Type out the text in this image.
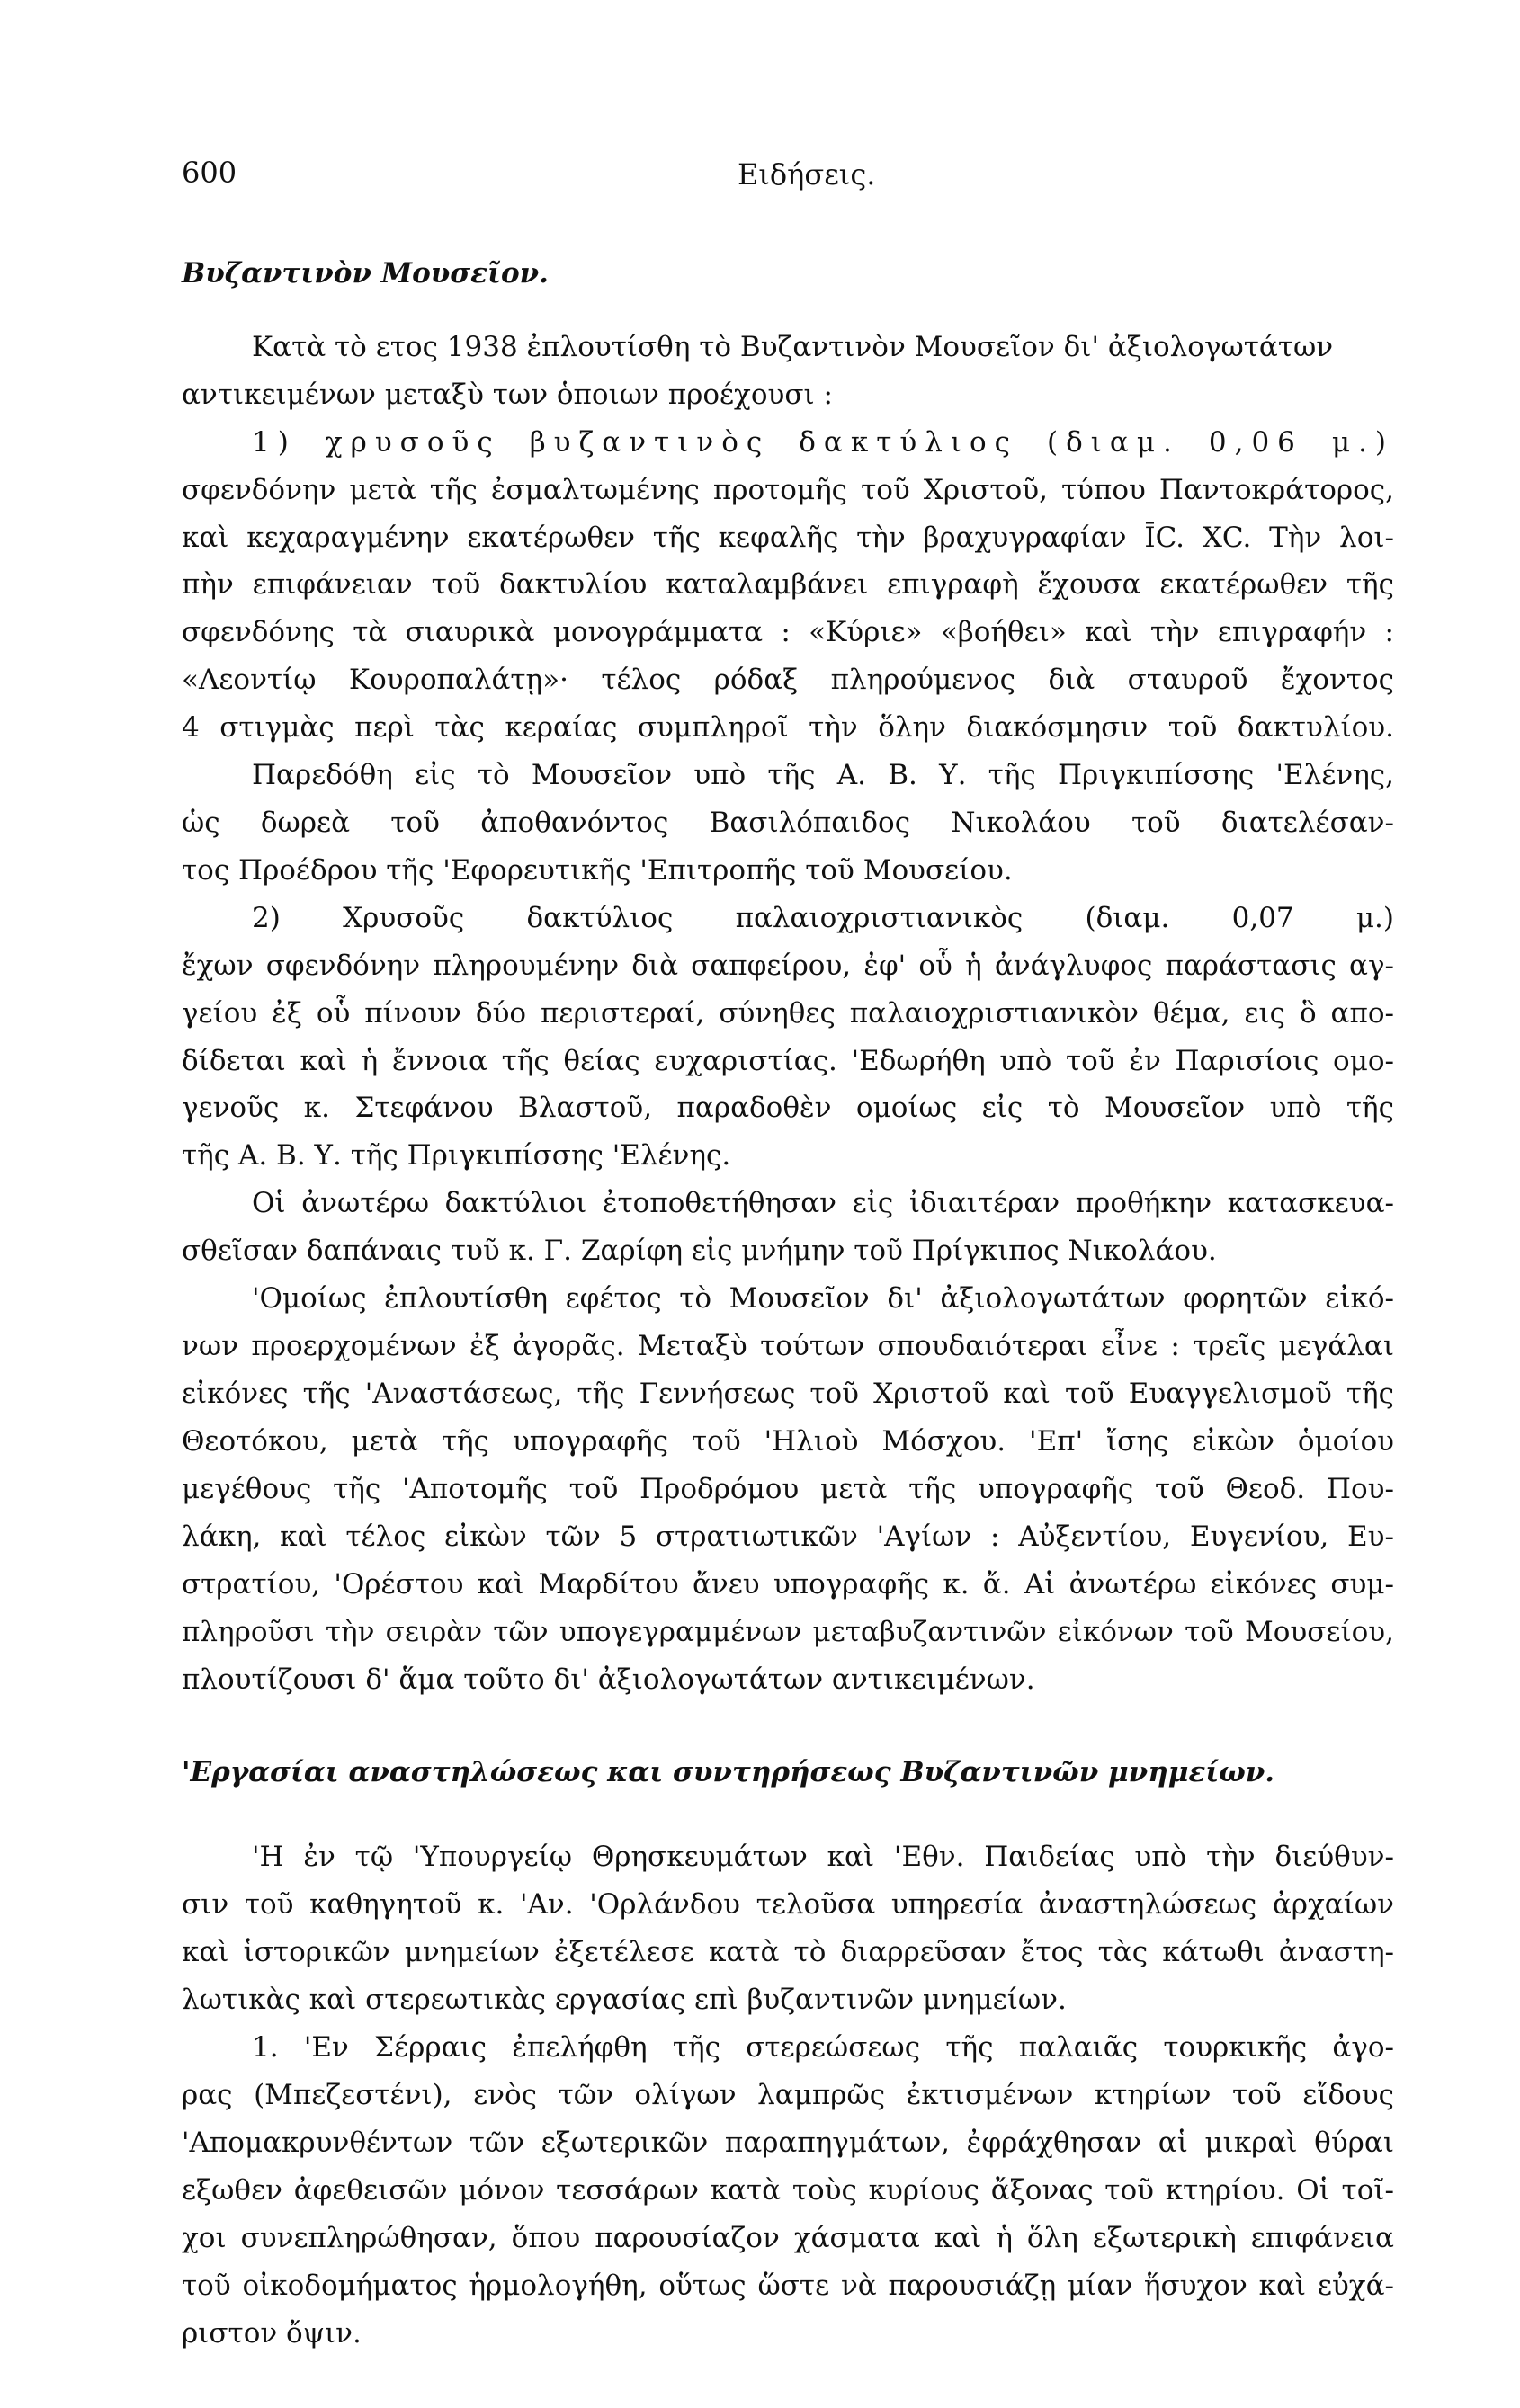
600	Ειδήσεις.
Βυζαντινὸν Μουσεῖον.
Κατὰ τὸ ετος 1938 ἐπλουτίσθη τὸ Βυζαντινὸν Μουσεῖον δι' ἀξιολογωτάτων
αντικειμένων μεταξὺ των ὁποιων προέχουσι :
1) χρυσοῦς βυζαντινὸς δακτύλιος (διαμ. 0,06 μ.)
σφενδόνην μετὰ τῆς ἐσμαλτωμένης προτομῆς τοῦ Χριστοῦ, τύπου Παντοκράτορος,
καὶ κεχαραγμένην εκατέρωθεν τῆς κεφαλῆς τὴν βραχυγραφίαν ῙC. ΧC. Τὴν λοι-
πὴν επιφάνειαν τοῦ δακτυλίου καταλαμβάνει επιγραφὴ ἔχουσα εκατέρωθεν τῆς
σφενδόνης τὰ σιαυρικὰ μονογράμματα : «Κύριε» «βοήθει» καὶ τὴν επιγραφήν :
«Λεοντίῳ Κουροπαλάτῃ»· τέλος ρόδαξ πληρούμενος διὰ σταυροῦ ἔχοντος
4 στιγμὰς περὶ τὰς κεραίας συμπληροῖ τὴν ὅλην διακόσμησιν τοῦ δακτυλίου.
Παρεδόθη εἰς τὸ Μουσεῖον υπὸ τῆς Α. Β. Υ. τῆς Πριγκιπίσσης 'Ελένης,
ὡς δωρεὰ τοῦ ἀποθανόντος Βασιλόπαιδος Νικολάου τοῦ διατελέσαν-
τος Προέδρου τῆς 'Εφορευτικῆς 'Επιτροπῆς τοῦ Μουσείου.
2) Χρυσοῦς δακτύλιος παλαιοχριστιανικὸς (διαμ. 0,07 μ.)
ἔχων σφενδόνην πληρουμένην διὰ σαπφείρου, ἐφ' οὗ ἡ ἀνάγλυφος παράστασις αγ-
γείου ἐξ οὗ πίνουν δύο περιστεραί, σύνηθες παλαιοχριστιανικὸν θέμα, εις ὃ απο-
δίδεται καὶ ἡ ἔννοια τῆς θείας ευχαριστίας. 'Εδωρήθη υπὸ τοῦ ἐν Παρισίοις ομο-
γενοῦς κ. Στεφάνου Βλαστοῦ, παραδοθὲν ομοίως εἰς τὸ Μουσεῖον υπὸ τῆς
τῆς Α. Β. Υ. τῆς Πριγκιπίσσης 'Ελένης.
Οἱ ἀνωτέρω δακτύλιοι ἐτοποθετήθησαν εἰς ἰδιαιτέραν προθήκην κατασκευα-
σθεῖσαν δαπάναις τυῦ κ. Γ. Ζαρίφη εἰς μνήμην τοῦ Πρίγκιπος Νικολάου.
'Ομοίως ἐπλουτίσθη εφέτος τὸ Μουσεῖον δι' ἀξιολογωτάτων φορητῶν εἰκό-
νων προερχομένων ἐξ ἀγορᾶς. Μεταξὺ τούτων σπουδαιότεραι εἶνε : τρεῖς μεγάλαι
εἰκόνες τῆς 'Αναστάσεως, τῆς Γεννήσεως τοῦ Χριστοῦ καὶ τοῦ Ευαγγελισμοῦ τῆς
Θεοτόκου, μετὰ τῆς υπογραφῆς τοῦ 'Ηλιοὺ Μόσχου. 'Επ' ἴσης εἰκὼν ὁμοίου
μεγέθους τῆς 'Αποτομῆς τοῦ Προδρόμου μετὰ τῆς υπογραφῆς τοῦ Θεοδ. Που-
λάκη, καὶ τέλος εἰκὼν τῶν 5 στρατιωτικῶν 'Αγίων : Αὐξεντίου, Ευγενίου, Ευ-
στρατίου, 'Ορέστου καὶ Μαρδίτου ἄνευ υπογραφῆς κ. ἄ. Αἱ ἀνωτέρω εἰκόνες συμ-
πληροῦσι τὴν σειρὰν τῶν υπογεγραμμένων μεταβυζαντινῶν εἰκόνων τοῦ Μουσείου,
πλουτίζουσι δ' ἅμα τοῦτο δι' ἀξιολογωτάτων αντικειμένων.
'Εργασίαι αναστηλώσεως και συντηρήσεως Βυζαντινῶν μνημείων.
'Η ἐν τῷ 'Υπουργείῳ Θρησκευμάτων καὶ 'Εθν. Παιδείας υπὸ τὴν διεύθυν-
σιν τοῦ καθηγητοῦ κ. 'Αν. 'Ορλάνδου τελοῦσα υπηρεσία ἀναστηλώσεως ἀρχαίων
καὶ ἱστορικῶν μνημείων ἐξετέλεσε κατὰ τὸ διαρρεῦσαν ἔτος τὰς κάτωθι ἀναστη-
λωτικὰς καὶ στερεωτικὰς εργασίας επὶ βυζαντινῶν μνημείων.
1. 'Εν Σέρραις ἐπελήφθη τῆς στερεώσεως τῆς παλαιᾶς τουρκικῆς ἀγο-
ρας (Μπεζεστένι), ενὸς τῶν ολίγων λαμπρῶς ἐκτισμένων κτηρίων τοῦ εἴδους
'Απομακρυνθέντων τῶν εξωτερικῶν παραπηγμάτων, ἐφράχθησαν αἱ μικραὶ θύραι
εξωθεν ἀφεθεισῶν μόνον τεσσάρων κατὰ τοὺς κυρίους ἄξονας τοῦ κτηρίου. Οἱ τοῖ-
χοι συνεπληρώθησαν, ὅπου παρουσίαζον χάσματα καὶ ἡ ὅλη εξωτερικὴ επιφάνεια
τοῦ οἰκοδομήματος ἡρμολογήθη, οὕτως ὥστε νὰ παρουσιάζῃ μίαν ἥσυχον καὶ εὐχά-
ριστον ὄψιν.
